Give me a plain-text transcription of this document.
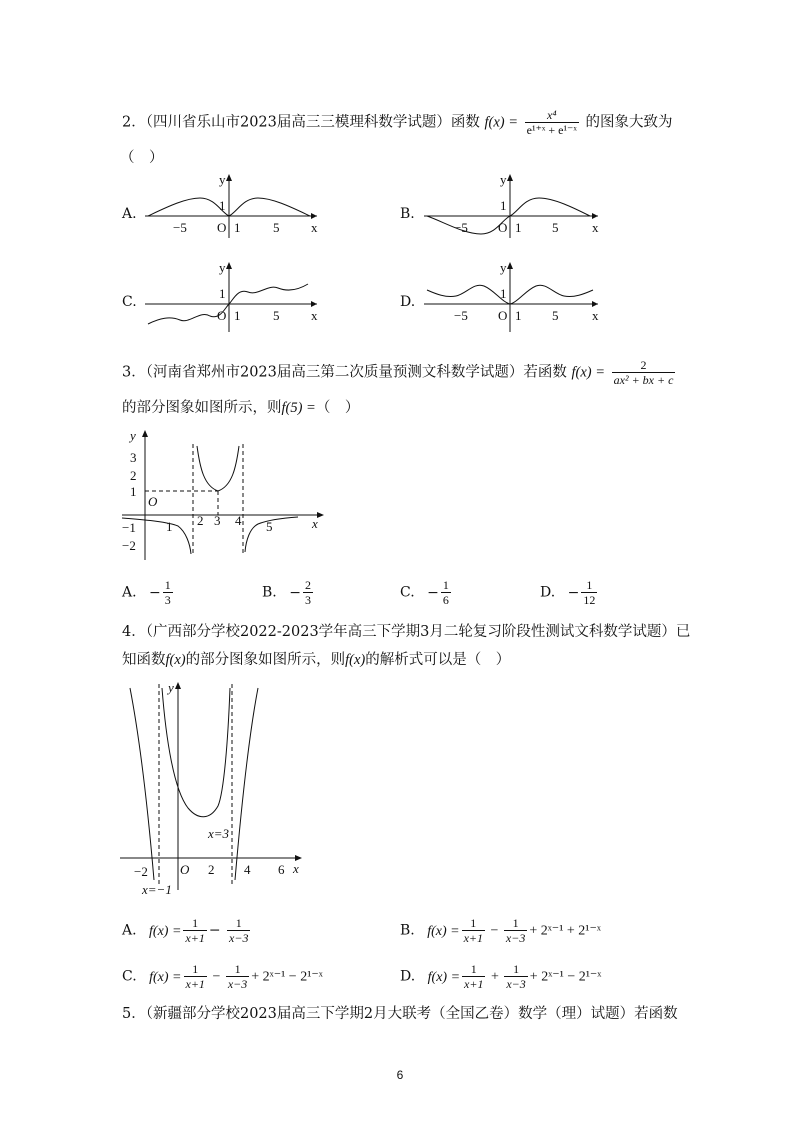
2．（四川省乐山市2023届高三三模理科数学试题）函数 $f(x) = \frac{\text{x⁴}}{\text{e¹⁺ˣ + e¹⁻ˣ}}$ 的图象大致为
（　）
A.	B.
C.	D.
y
1
O 1	5
−5	x
y
1
O 1 5
−5	x
y
1
O 1	5 x
y
1
O 1 5
−5	x
3．（河南省郑州市2023届高三第二次质量预测文科数学试题）若函数 $f(x) = \frac{2}{\text{ax² + bx + c}}$
的部分图象如图所示，则f(5) =（　）
y
3
2
1
−1
−2
O
1 2 3 4 5	x
A. − $\frac{1}{3}$	B. − $\frac{2}{3}$	C. − $\frac{1}{6}$	D. − $\frac{1}{12}$
4．（广西部分学校2022-2023学年高三下学期3月二轮复习阶段性测试文科数学试题）已
知函数f(x)的部分图象如图所示，则f(x)的解析式可以是（　）
y
x=3
−2 O 2 4 6 x
x=−1
A. $f(x) = \frac{1}{x+1} - \frac{1}{x-3}$	B. $f(x) = \frac{1}{x+1} - \frac{1}{x-3}$ + 2ˣ⁻¹ + 2¹⁻ˣ
C. $f(x) = \frac{1}{x+1} - \frac{1}{x-3}$ + 2ˣ⁻¹ − 2¹⁻ˣ	D. $f(x) = \frac{1}{x+1} + \frac{1}{x-3}$ + 2ˣ⁻¹ − 2¹⁻ˣ
5．（新疆部分学校2023届高三下学期2月大联考（全国乙卷）数学（理）试题）若函数
6
